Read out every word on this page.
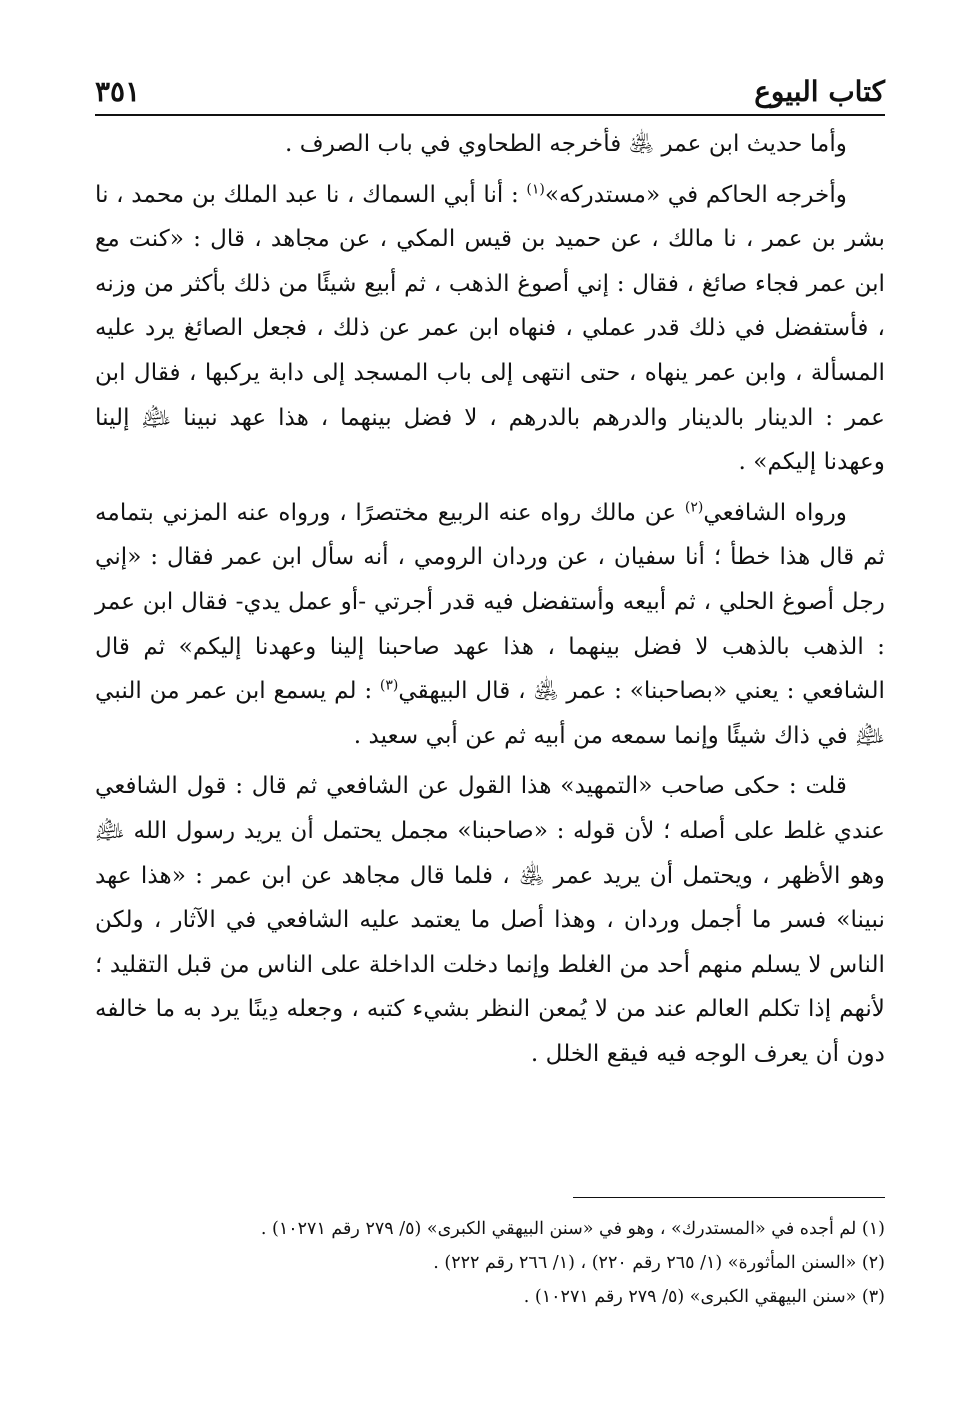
كتاب البيوع
٣٥١

وأما حديث ابن عمر ﵁ فأخرجه الطحاوي في باب الصرف .

وأخرجه الحاكم في «مستدركه»$^{(١)}$ : أنا أبي السماك ، نا عبد الملك بن محمد ، نا بشر بن عمر ، نا مالك ، عن حميد بن قيس المكي ، عن مجاهد ، قال : «كنت مع ابن عمر فجاء صائغ ، فقال : إني أصوغ الذهب ، ثم أبيع شيئًا من ذلك بأكثر من وزنه ، فأستفضل في ذلك قدر عملي ، فنهاه ابن عمر عن ذلك ، فجعل الصائغ يرد عليه المسألة ، وابن عمر ينهاه ، حتى انتهى إلى باب المسجد إلى دابة يركبها ، فقال ابن عمر : الدينار بالدينار والدرهم بالدرهم ، لا فضل بينهما ، هذا عهد نبينا ﵇ إلينا وعهدنا إليكم» .

ورواه الشافعي$^{(٢)}$ عن مالك رواه عنه الربيع مختصرًا ، ورواه عنه المزني بتمامه ثم قال هذا خطأ ؛ أنا سفيان ، عن وردان الرومي ، أنه سأل ابن عمر فقال : «إني رجل أصوغ الحلي ، ثم أبيعه وأستفضل فيه قدر أجرتي -أو عمل يدي- فقال ابن عمر : الذهب بالذهب لا فضل بينهما ، هذا عهد صاحبنا إلينا وعهدنا إليكم» ثم قال الشافعي : يعني «بصاحبنا» : عمر ﵁ ، قال البيهقي$^{(٣)}$ : لم يسمع ابن عمر من النبي ﵇ في ذاك شيئًا وإنما سمعه من أبيه ثم عن أبي سعيد .

قلت : حكى صاحب «التمهيد» هذا القول عن الشافعي ثم قال : قول الشافعي عندي غلط على أصله ؛ لأن قوله : «صاحبنا» مجمل يحتمل أن يريد رسول الله ﵇ وهو الأظهر ، ويحتمل أن يريد عمر ﵁ ، فلما قال مجاهد عن ابن عمر : «هذا عهد نبينا» فسر ما أجمل وردان ، وهذا أصل ما يعتمد عليه الشافعي في الآثار ، ولكن الناس لا يسلم منهم أحد من الغلط وإنما دخلت الداخلة على الناس من قبل التقليد ؛ لأنهم إذا تكلم العالم عند من لا يُمعن النظر بشيء كتبه ، وجعله دِينًا يرد به ما خالفه دون أن يعرف الوجه فيه فيقع الخلل .

(١) لم أجده في «المستدرك» ، وهو في «سنن البيهقي الكبرى» (٥/ ٢٧٩ رقم ١٠٢٧١) .
(٢) «السنن المأثورة» (١/ ٢٦٥ رقم ٢٢٠) ، (١/ ٢٦٦ رقم ٢٢٢) .
(٣) «سنن البيهقي الكبرى» (٥/ ٢٧٩ رقم ١٠٢٧١) .
